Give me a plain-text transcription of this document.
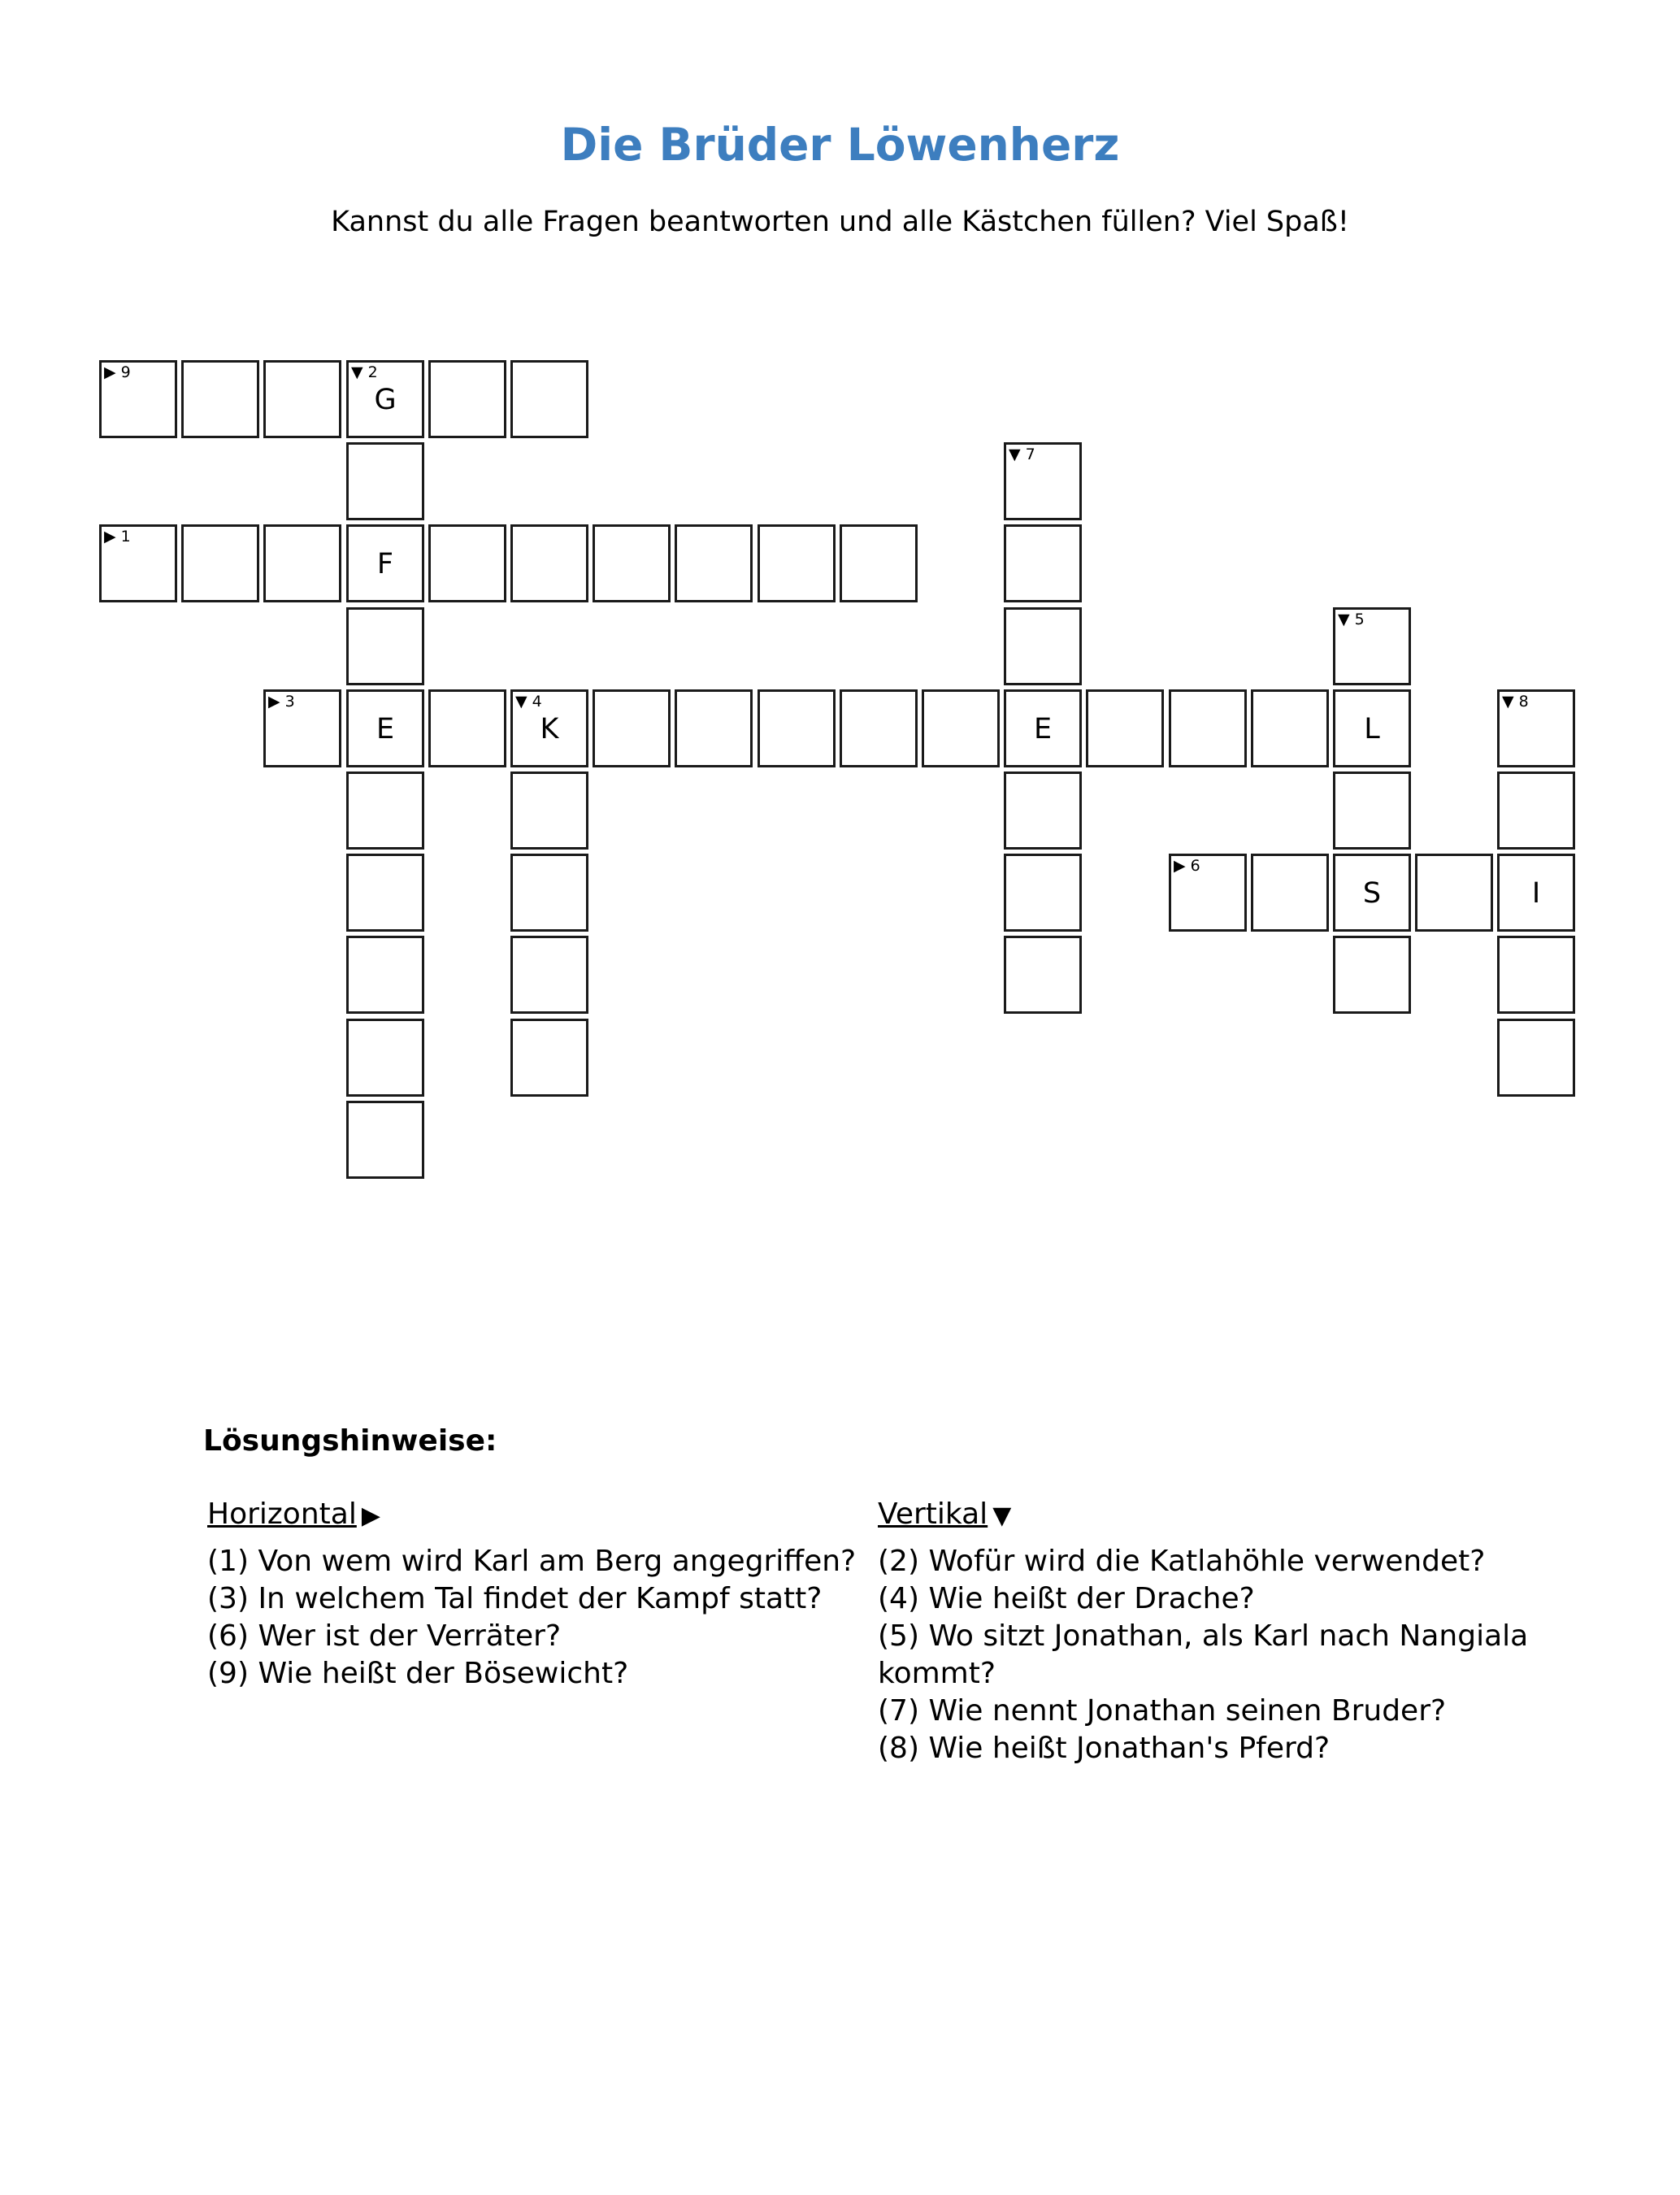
Die Brüder Löwenherz
Kannst du alle Fragen beantworten und alle Kästchen füllen? Viel Spaß!
▶ 9	▼ 2
G
▼ 7
▶ 1
F
▼ 5
▶ 3
E
▼ 4
K	E	L
▼ 8
▶ 6
S	I
Lösungshinweise:
Horizontal ▶
(1) Von wem wird Karl am Berg angegriffen?
(3) In welchem Tal findet der Kampf statt?
(6) Wer ist der Verräter?
(9) Wie heißt der Bösewicht?
Vertikal ▼
(2) Wofür wird die Katlahöhle verwendet?
(4) Wie heißt der Drache?
(5) Wo sitzt Jonathan, als Karl nach Nangiala kommt?
(7) Wie nennt Jonathan seinen Bruder?
(8) Wie heißt Jonathan's Pferd?
